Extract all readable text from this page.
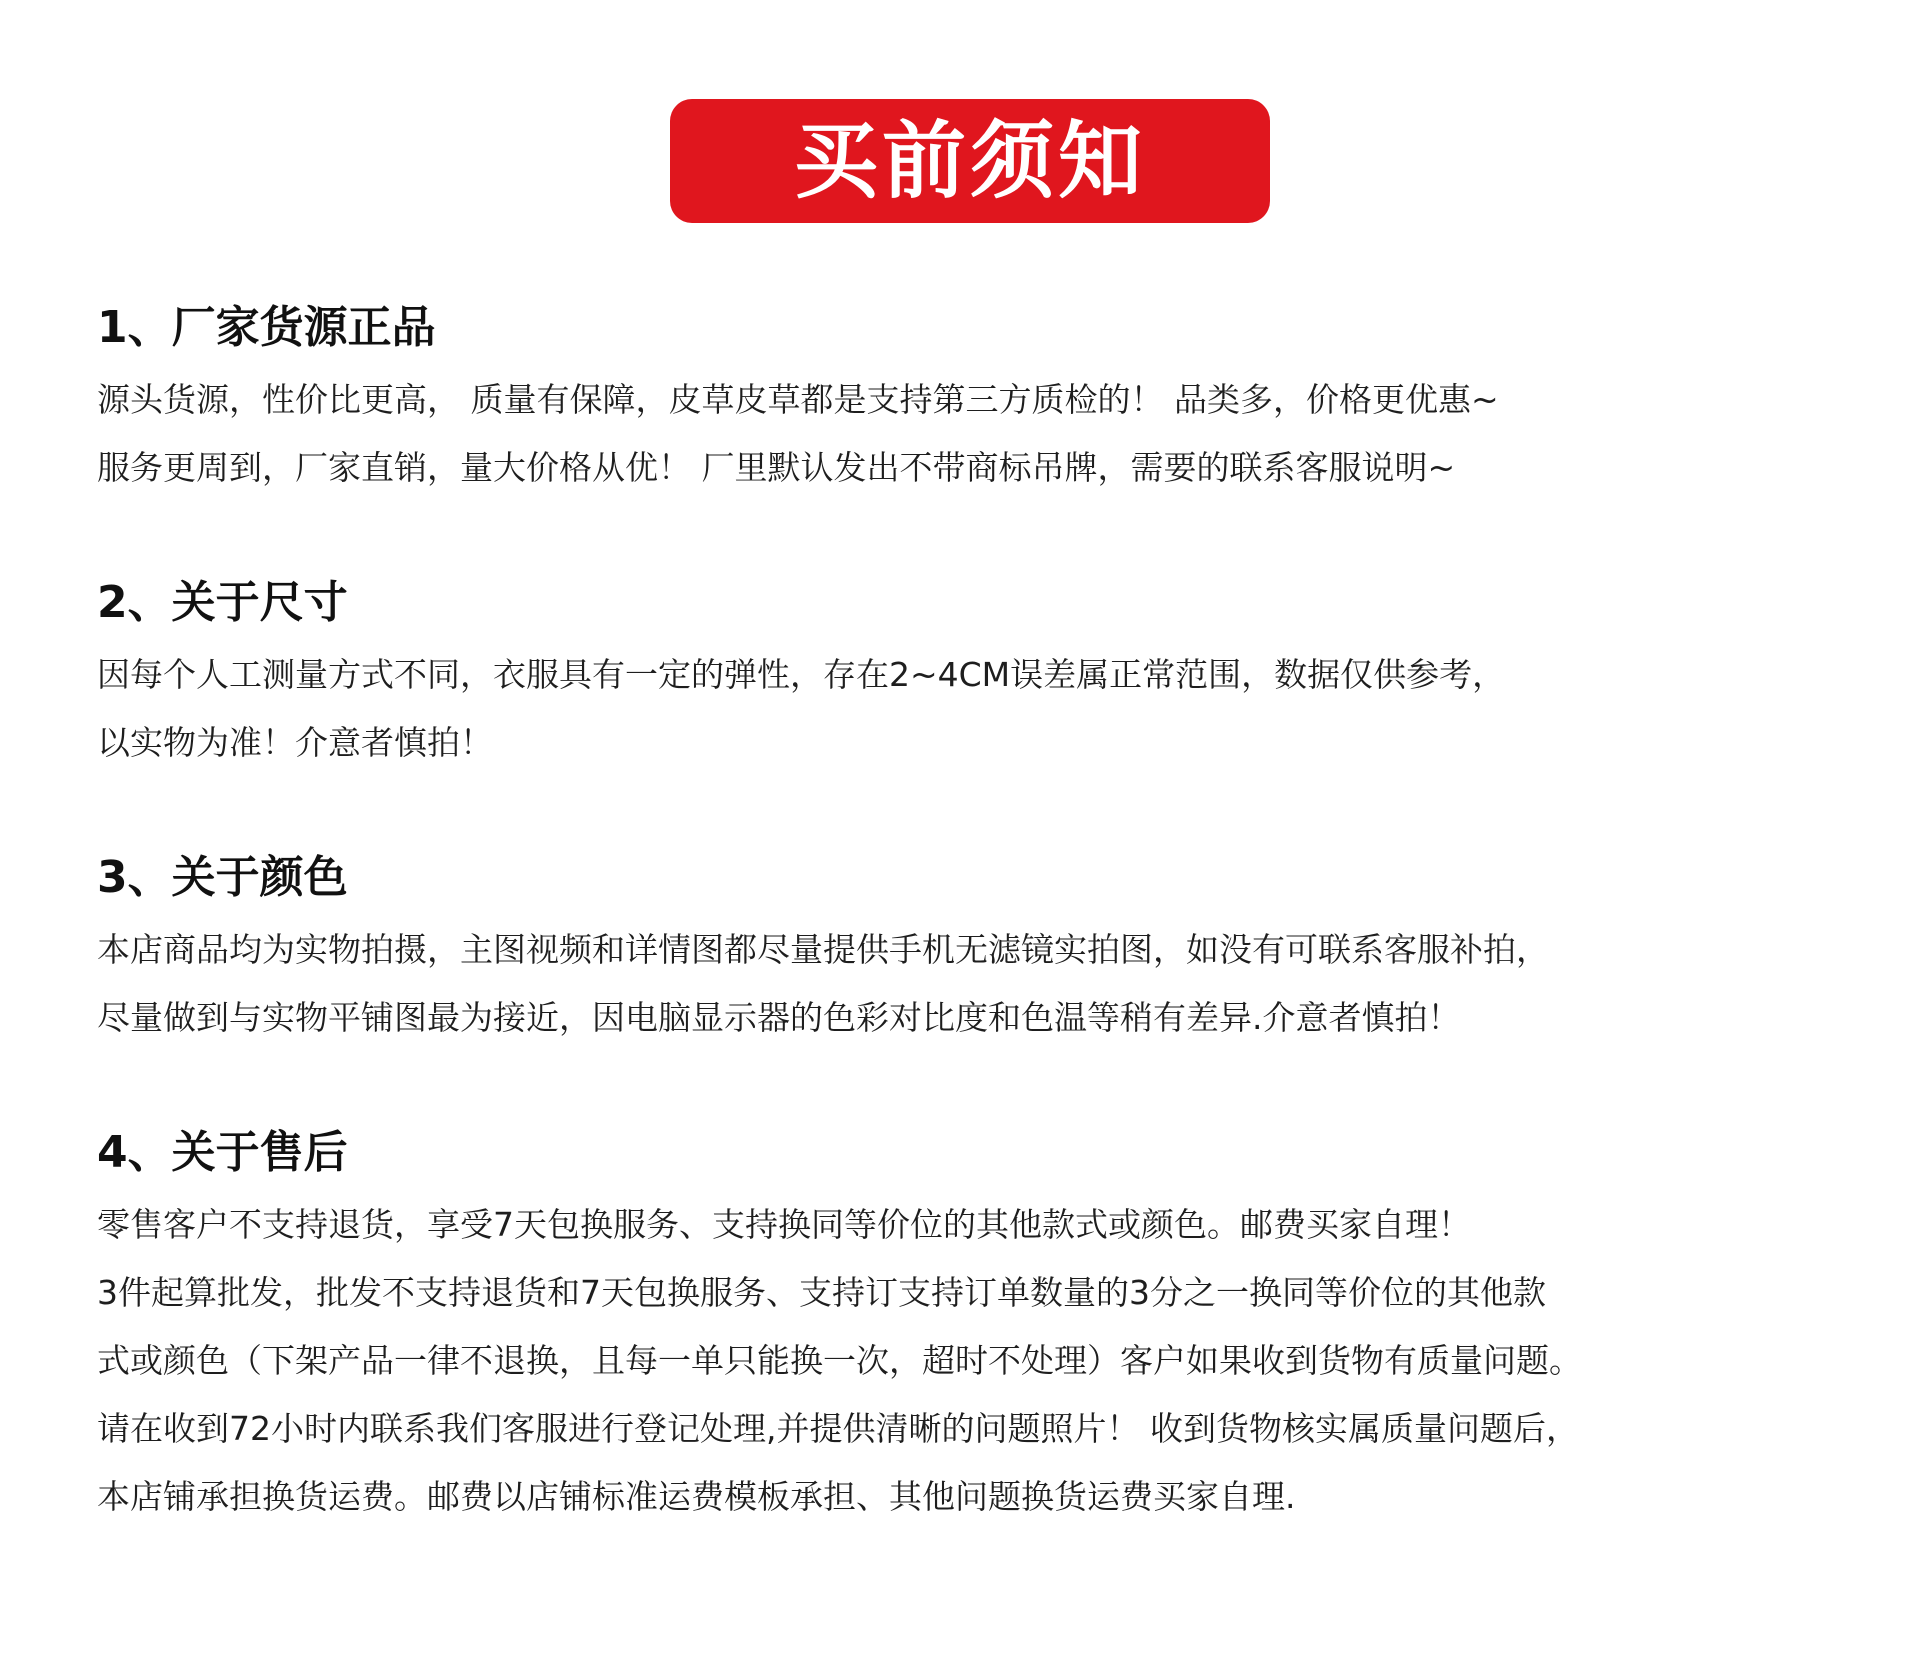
买前须知
1、厂家货源正品
源头货源，性价比更高， 质量有保障，皮草皮草都是支持第三方质检的！ 品类多，价格更优惠~
服务更周到，厂家直销，量大价格从优！ 厂里默认发出不带商标吊牌，需要的联系客服说明~
2、关于尺寸
因每个人工测量方式不同，衣服具有一定的弹性，存在2~4CM误差属正常范围，数据仅供参考，
以实物为准！介意者慎拍！
3、关于颜色
本店商品均为实物拍摄，主图视频和详情图都尽量提供手机无滤镜实拍图，如没有可联系客服补拍，
尽量做到与实物平铺图最为接近，因电脑显示器的色彩对比度和色温等稍有差异.介意者慎拍！
4、关于售后
零售客户不支持退货，享受7天包换服务、支持换同等价位的其他款式或颜色。邮费买家自理！
3件起算批发，批发不支持退货和7天包换服务、支持订支持订单数量的3分之一换同等价位的其他款
式或颜色（下架产品一律不退换，且每一单只能换一次，超时不处理）客户如果收到货物有质量问题。
请在收到72小时内联系我们客服进行登记处理,并提供清晰的问题照片！ 收到货物核实属质量问题后，
本店铺承担换货运费。邮费以店铺标准运费模板承担、其他问题换货运费买家自理.
